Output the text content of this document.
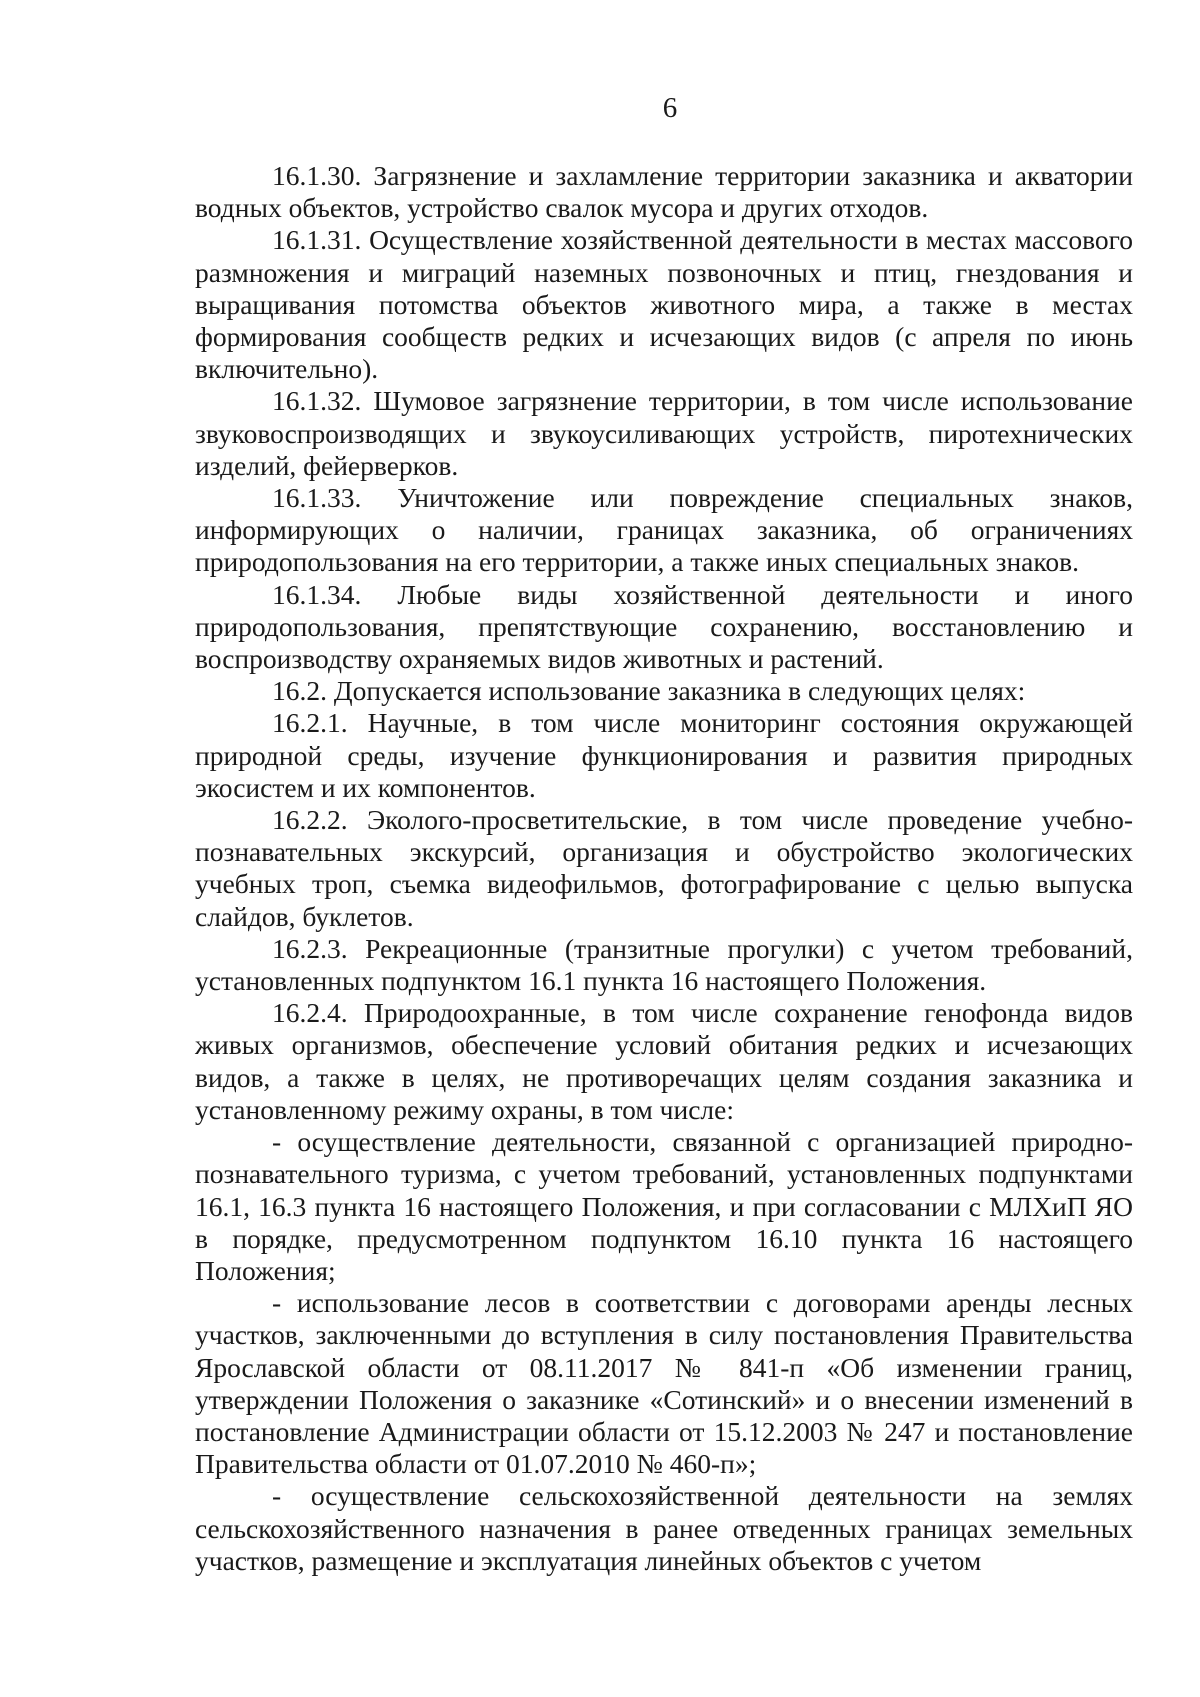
6

16.1.30. Загрязнение и захламление территории заказника и акватории водных объектов, устройство свалок мусора и других отходов.

16.1.31. Осуществление хозяйственной деятельности в местах массового размножения и миграций наземных позвоночных и птиц, гнездования и выращивания потомства объектов животного мира, а также в местах формирования сообществ редких и исчезающих видов (с апреля по июнь включительно).

16.1.32. Шумовое загрязнение территории, в том числе использование звуковоспроизводящих и звукоусиливающих устройств, пиротехнических изделий, фейерверков.

16.1.33. Уничтожение или повреждение специальных знаков, информирующих о наличии, границах заказника, об ограничениях природопользования на его территории, а также иных специальных знаков.

16.1.34. Любые виды хозяйственной деятельности и иного природопользования, препятствующие сохранению, восстановлению и воспроизводству охраняемых видов животных и растений.

16.2. Допускается использование заказника в следующих целях:

16.2.1. Научные, в том числе мониторинг состояния окружающей природной среды, изучение функционирования и развития природных экосистем и их компонентов.

16.2.2. Эколого-просветительские, в том числе проведение учебно-познавательных экскурсий, организация и обустройство экологических учебных троп, съемка видеофильмов, фотографирование с целью выпуска слайдов, буклетов.

16.2.3. Рекреационные (транзитные прогулки) с учетом требований, установленных подпунктом 16.1 пункта 16 настоящего Положения.

16.2.4. Природоохранные, в том числе сохранение генофонда видов живых организмов, обеспечение условий обитания редких и исчезающих видов, а также в целях, не противоречащих целям создания заказника и установленному режиму охраны, в том числе:

- осуществление деятельности, связанной с организацией природно-познавательного туризма, с учетом требований, установленных подпунктами 16.1, 16.3 пункта 16 настоящего Положения, и при согласовании с МЛХиП ЯО в порядке, предусмотренном подпунктом 16.10 пункта 16 настоящего Положения;

- использование лесов в соответствии с договорами аренды лесных участков, заключенными до вступления в силу постановления Правительства Ярославской области от 08.11.2017 № 841-п «Об изменении границ, утверждении Положения о заказнике «Сотинский» и о внесении изменений в постановление Администрации области от 15.12.2003 № 247 и постановление Правительства области от 01.07.2010 № 460-п»;

- осуществление сельскохозяйственной деятельности на землях сельскохозяйственного назначения в ранее отведенных границах земельных участков, размещение и эксплуатация линейных объектов с учетом
